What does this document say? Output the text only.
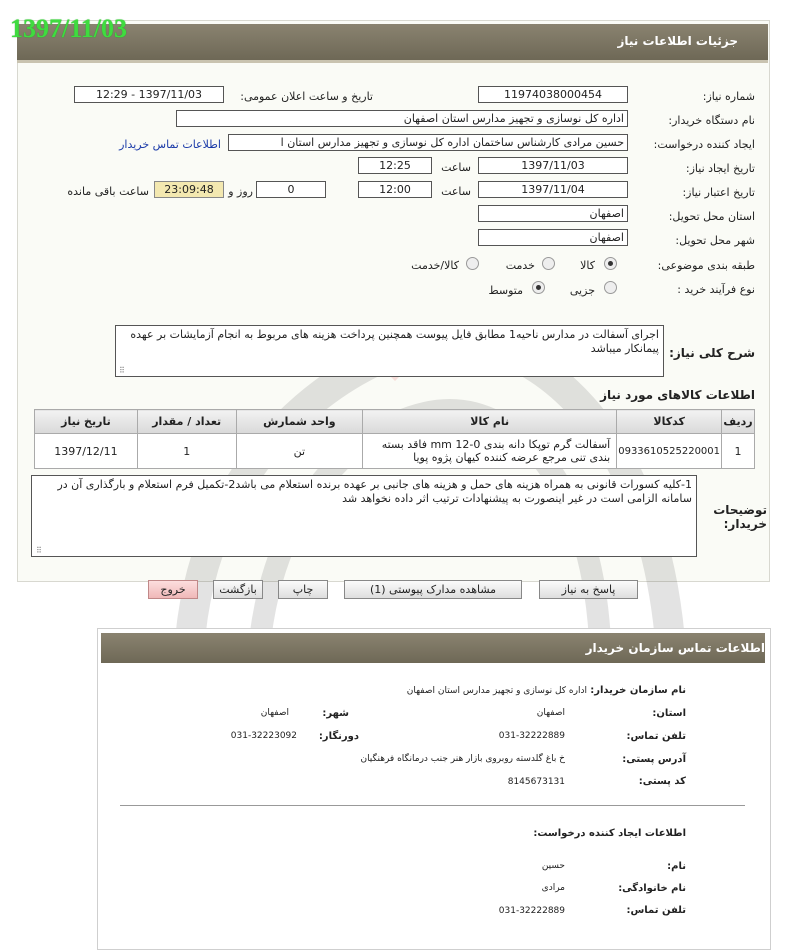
جزئیات اطلاعات نیاز
1397/11/03
شماره نیاز:
11974038000454
تاریخ و ساعت اعلان عمومی:
1397/11/03 - 12:29
نام دستگاه خریدار:
اداره کل نوسازی و تجهیز مدارس استان اصفهان
ایجاد کننده درخواست:
حسین مرادی کارشناس ساختمان اداره کل نوسازی و تجهیز مدارس استان ا
اطلاعات تماس خریدار
تاریخ ایجاد نیاز:
1397/11/03
ساعت
12:25
تاریخ اعتبار نیاز:
1397/11/04
ساعت
12:00
0
روز و
23:09:48
ساعت باقی مانده
استان محل تحویل:
اصفهان
شهر محل تحویل:
اصفهان
طبقه بندی موضوعی:
کالا
خدمت
کالا/خدمت
نوع فرآیند خرید :
جزیی
متوسط
شرح کلی نیاز:
اجرای آسفالت در مدارس ناحیه1 مطابق فایل پیوست همچنین پرداخت هزینه های مربوط به انجام آزمایشات بر عهده پیمانکار میباشد
⠿
اطلاعات کالاهای مورد نیاز
ردیف	کدکالا	نام کالا	واحد شمارش	تعداد / مقدار	تاریخ نیاز
1	0933610525220001	آسفالت گرم توپکا دانه بندی mm 12-0 فاقد بسته بندی تنی مرجع عرضه کننده کیهان پژوه پویا	تن	1	1397/12/11
توضیحات خریدار:
1-کلیه کسورات قانونی به همراه هزینه های حمل و هزینه های جانبی بر عهده برنده استعلام می باشد2-تکمیل فرم استعلام و بارگذاری آن در سامانه الزامی است در غیر اینصورت به پیشنهادات ترتیب اثر داده نخواهد شد
⠿
پاسخ به نیاز
مشاهده مدارک پیوستی (1)
چاپ
بازگشت
خروج
اطلاعات تماس سازمان خریدار
نام سازمان خریدار:
اداره کل نوسازی و تجهیز مدارس استان اصفهان
استان:
اصفهان
شهر:
اصفهان
تلفن تماس:
031-32222889
دورنگار:
031-32223092
آدرس پستی:
خ باغ گلدسته روبروی بازار هنر جنب درمانگاه فرهنگیان
کد پستی:
8145673131
اطلاعات ایجاد کننده درخواست:
نام:
حسین
نام خانوادگی:
مرادی
تلفن تماس:
031-32222889
